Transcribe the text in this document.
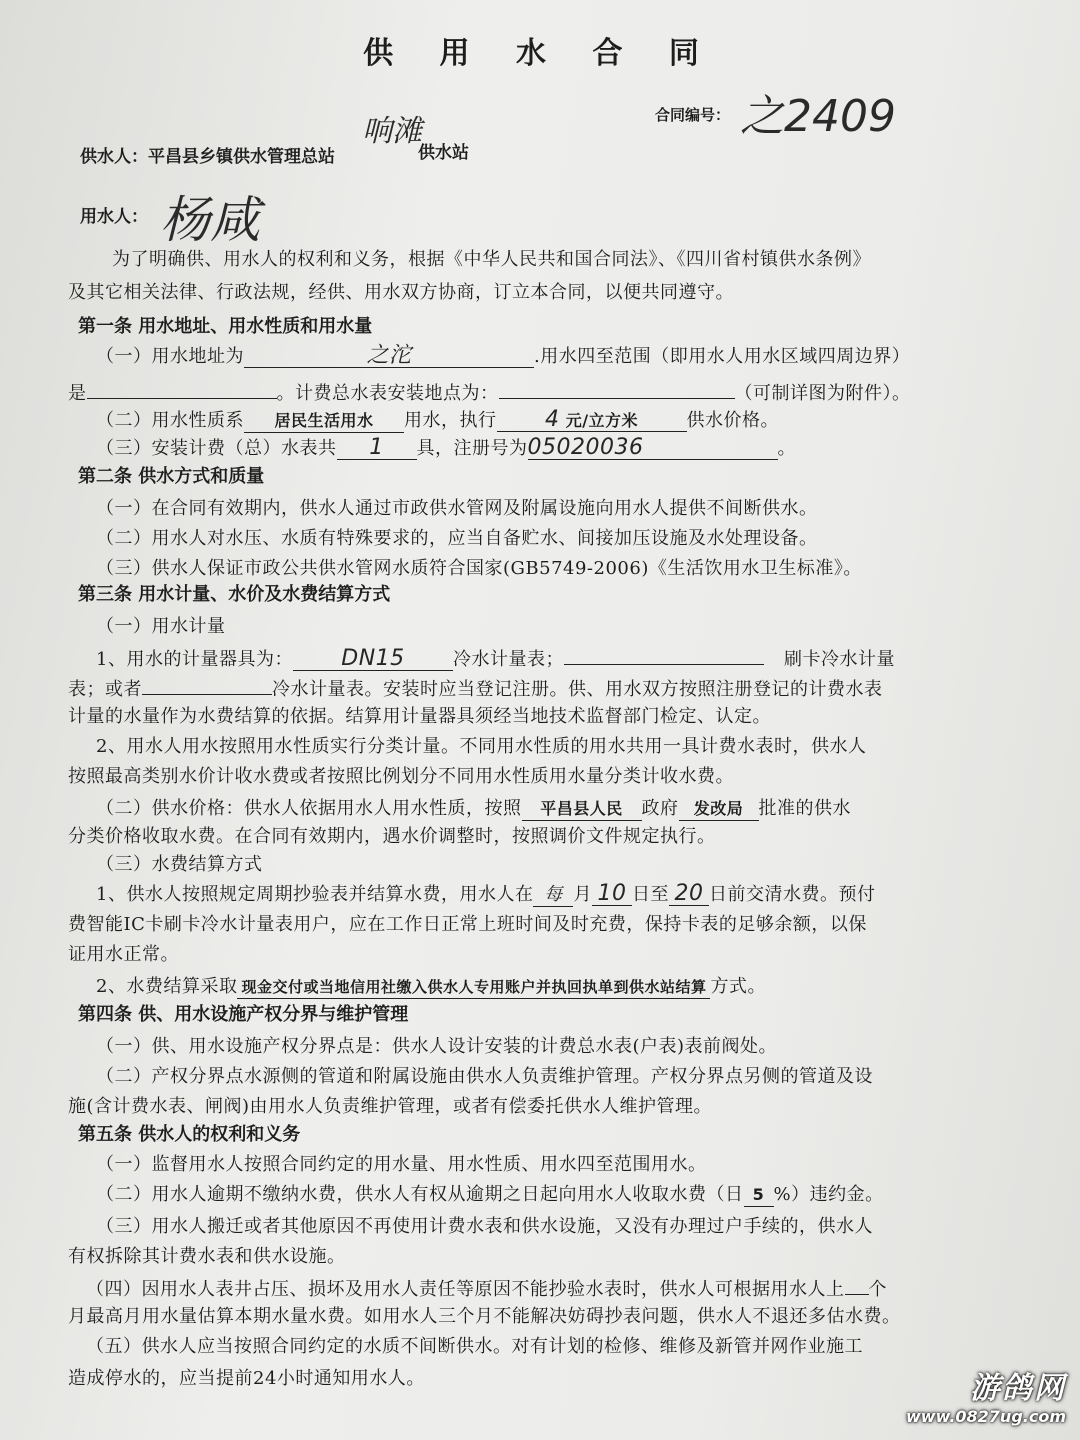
供 用 水 合 同
合同编号： 之2409
供水人： 平昌县乡镇供水管理总站
响滩
供水站
用水人： 杨咸
为了明确供、用水人的权利和义务，根据《中华人民共和国合同法》、《四川省村镇供水条例》
及其它相关法律、行政法规，经供、用水双方协商，订立本合同，以便共同遵守。
第一条 用水地址、用水性质和用水量
（一）用水地址为	之沱	.用水四至范围（即用水人用水区域四周边界）
是	。计费总水表安装地点为：	（可制详图为附件）。
（二）用水性质系 居民生活用水 用水，执行 4 元/立方米	供水价格。
（三）安装计费（总）水表共 1 具，注册号为05020036	。
第二条 供水方式和质量
（一）在合同有效期内，供水人通过市政供水管网及附属设施向用水人提供不间断供水。
（二）用水人对水压、水质有特殊要求的，应当自备贮水、间接加压设施及水处理设备。
（三）供水人保证市政公共供水管网水质符合国家(GB5749-2006)《生活饮用水卫生标准》。
第三条 用水计量、水价及水费结算方式
（一）用水计量
1、用水的计量器具为： DN15	冷水计量表；	刷卡冷水计量
表；或者	冷水计量表。安装时应当登记注册。供、用水双方按照注册登记的计费水表
计量的水量作为水费结算的依据。结算用计量器具须经当地技术监督部门检定、认定。
2、用水人用水按照用水性质实行分类计量。不同用水性质的用水共用一具计费水表时，供水人
按照最高类别水价计收水费或者按照比例划分不同用水性质用水量分类计收水费。
（二）供水价格：供水人依据用水人用水性质，按照 平昌县人民 政府 发改局 批准的供水
分类价格收取水费。在合同有效期内，遇水价调整时，按照调价文件规定执行。
（三）水费结算方式
1、供水人按照规定周期抄验表并结算水费，用水人在 每 月 10 日至 20 日前交清水费。预付
费智能IC卡刷卡冷水计量表用户，应在工作日正常上班时间及时充费，保持卡表的足够余额，以保
证用水正常。
2、水费结算采取 现金交付或当地信用社缴入供水人专用账户并执回执单到供水站结算 方式。
第四条 供、用水设施产权分界与维护管理
（一）供、用水设施产权分界点是：供水人设计安装的计费总水表(户表)表前阀处。
（二）产权分界点水源侧的管道和附属设施由供水人负责维护管理。产权分界点另侧的管道及设
施(含计费水表、闸阀)由用水人负责维护管理，或者有偿委托供水人维护管理。
第五条 供水人的权利和义务
（一）监督用水人按照合同约定的用水量、用水性质、用水四至范围用水。
（二）用水人逾期不缴纳水费，供水人有权从逾期之日起向用水人收取水费（日 5 %）违约金。
（三）用水人搬迁或者其他原因不再使用计费水表和供水设施，又没有办理过户手续的，供水人
有权拆除其计费水表和供水设施。
（四）因用水人表井占压、损坏及用水人责任等原因不能抄验水表时，供水人可根据用水人上 个
月最高月用水量估算本期水量水费。如用水人三个月不能解决妨碍抄表问题，供水人不退还多估水费。
（五）供水人应当按照合同约定的水质不间断供水。对有计划的检修、维修及新管并网作业施工
造成停水的，应当提前24小时通知用水人。	游鸽网
www.0827ug.com
